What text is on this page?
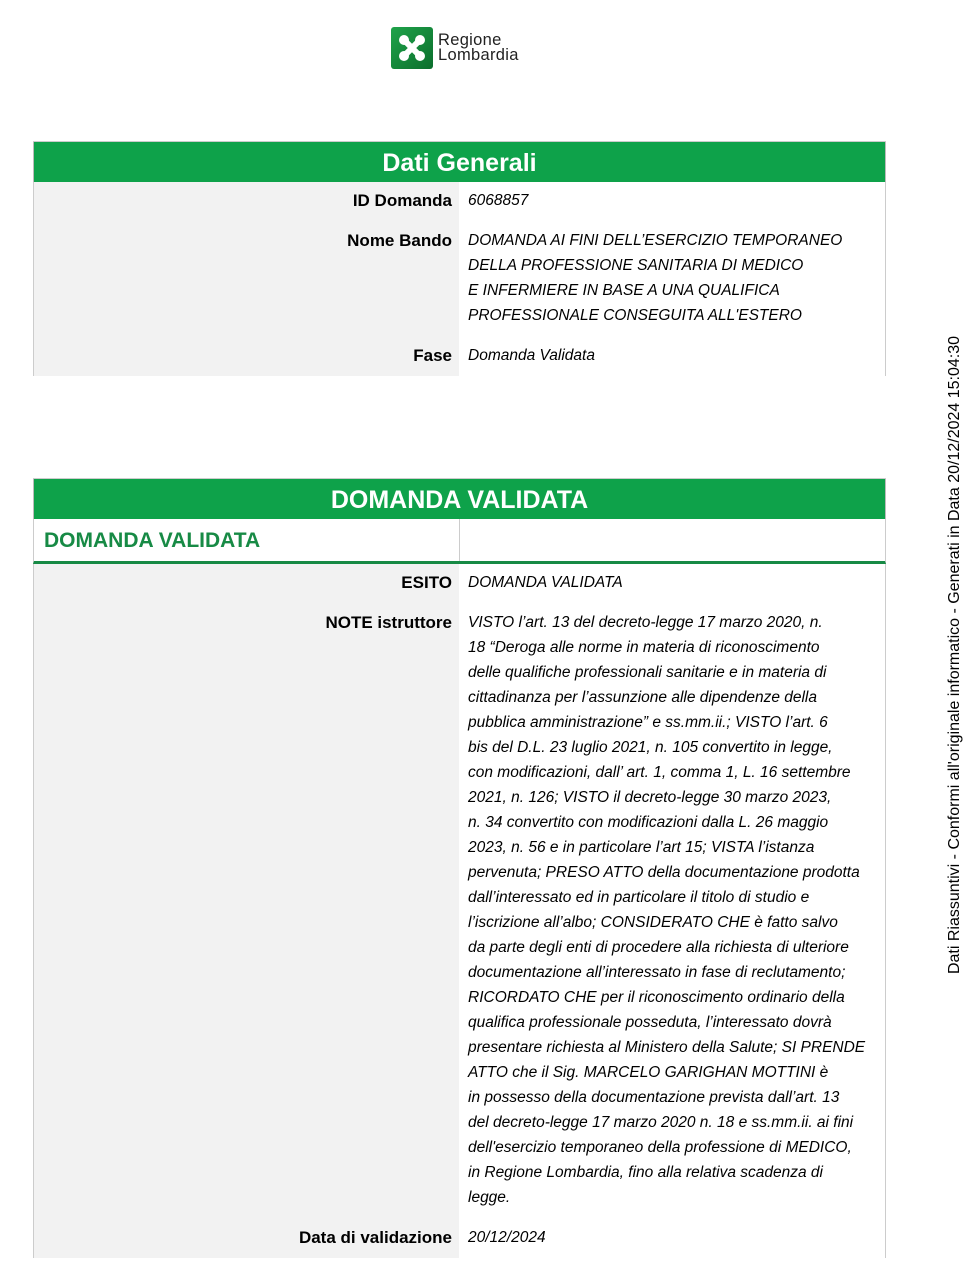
Regione
Lombardia
Dati Generali
ID Domanda	6068857
Nome Bando	DOMANDA AI FINI DELL’ESERCIZIO TEMPORANEO
DELLA PROFESSIONE SANITARIA DI MEDICO
E INFERMIERE IN BASE A UNA QUALIFICA
PROFESSIONALE CONSEGUITA ALL'ESTERO
Fase	Domanda Validata
DOMANDA VALIDATA
DOMANDA VALIDATA
ESITO	DOMANDA VALIDATA
NOTE istruttore	VISTO l’art. 13 del decreto-legge 17 marzo 2020, n.
18 “Deroga alle norme in materia di riconoscimento
delle qualifiche professionali sanitarie e in materia di
cittadinanza per l’assunzione alle dipendenze della
pubblica amministrazione” e ss.mm.ii.; VISTO l’art. 6
bis del D.L. 23 luglio 2021, n. 105 convertito in legge,
con modificazioni, dall’ art. 1, comma 1, L. 16 settembre
2021, n. 126; VISTO il decreto-legge 30 marzo 2023,
n. 34 convertito con modificazioni dalla L. 26 maggio
2023, n. 56 e in particolare l’art 15; VISTA l’istanza
pervenuta; PRESO ATTO della documentazione prodotta
dall’interessato ed in particolare il titolo di studio e
l’iscrizione all’albo; CONSIDERATO CHE è fatto salvo
da parte degli enti di procedere alla richiesta di ulteriore
documentazione all’interessato in fase di reclutamento;
RICORDATO CHE per il riconoscimento ordinario della
qualifica professionale posseduta, l’interessato dovrà
presentare richiesta al Ministero della Salute; SI PRENDE
ATTO che il Sig. MARCELO GARIGHAN MOTTINI è
in possesso della documentazione prevista dall’art. 13
del decreto-legge 17 marzo 2020 n. 18 e ss.mm.ii. ai fini
dell'esercizio temporaneo della professione di MEDICO,
in Regione Lombardia, fino alla relativa scadenza di
legge.
Data di validazione	20/12/2024
Dati Riassuntivi - Conformi all'originale informatico - Generati in Data 20/12/2024 15:04:30
